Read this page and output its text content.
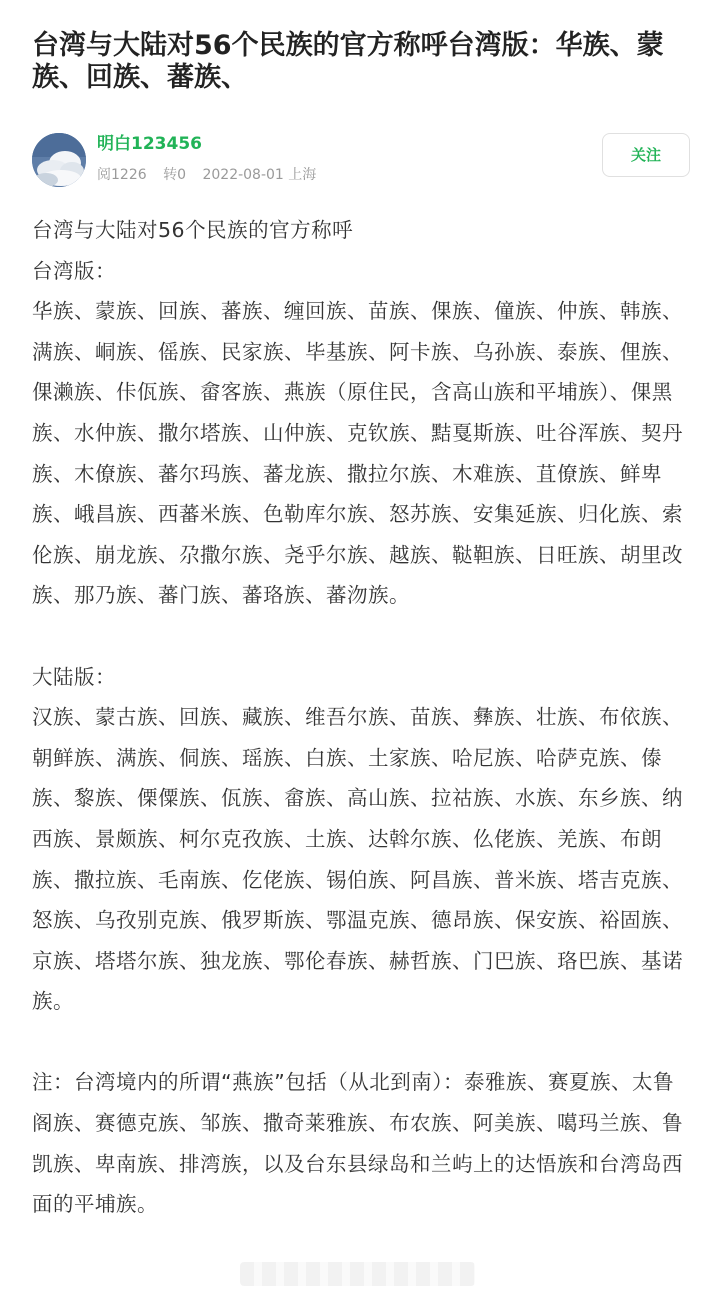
台湾与大陆对56个民族的官方称呼台湾版：华族、蒙族、回族、蕃族、
明白123456
阅1226 转0 2022-08-01 上海
关注

台湾与大陆对56个民族的官方称呼

台湾版：

华族、蒙族、回族、蕃族、缠回族、苗族、倮族、僮族、仲族、韩族、满族、峒族、傜族、民家族、毕基族、阿卡族、乌孙族、泰族、俚族、倮濑族、佧佤族、畲客族、燕族（原住民，含高山族和平埔族）、倮黑族、水仲族、撒尔塔族、山仲族、克钦族、黠戛斯族、吐谷浑族、契丹族、木僚族、蕃尔玛族、蕃龙族、撒拉尔族、木难族、苴僚族、鲜卑族、峨昌族、西蕃米族、色勒库尔族、怒苏族、安集延族、归化族、索伦族、崩龙族、尕撒尔族、尧乎尔族、越族、鞑靼族、日旺族、胡里改族、那乃族、蕃门族、蕃珞族、蕃沕族。

大陆版：

汉族、蒙古族、回族、藏族、维吾尔族、苗族、彝族、壮族、布依族、朝鲜族、满族、侗族、瑶族、白族、土家族、哈尼族、哈萨克族、傣族、黎族、傈僳族、佤族、畲族、高山族、拉祜族、水族、东乡族、纳西族、景颇族、柯尔克孜族、土族、达斡尔族、仫佬族、羌族、布朗族、撒拉族、毛南族、仡佬族、锡伯族、阿昌族、普米族、塔吉克族、怒族、乌孜别克族、俄罗斯族、鄂温克族、德昂族、保安族、裕固族、京族、塔塔尔族、独龙族、鄂伦春族、赫哲族、门巴族、珞巴族、基诺族。

注：台湾境内的所谓“燕族”包括（从北到南）：泰雅族、赛夏族、太鲁阁族、赛德克族、邹族、撒奇莱雅族、布农族、阿美族、噶玛兰族、鲁凯族、卑南族、排湾族，以及台东县绿岛和兰屿上的达悟族和台湾岛西面的平埔族。
